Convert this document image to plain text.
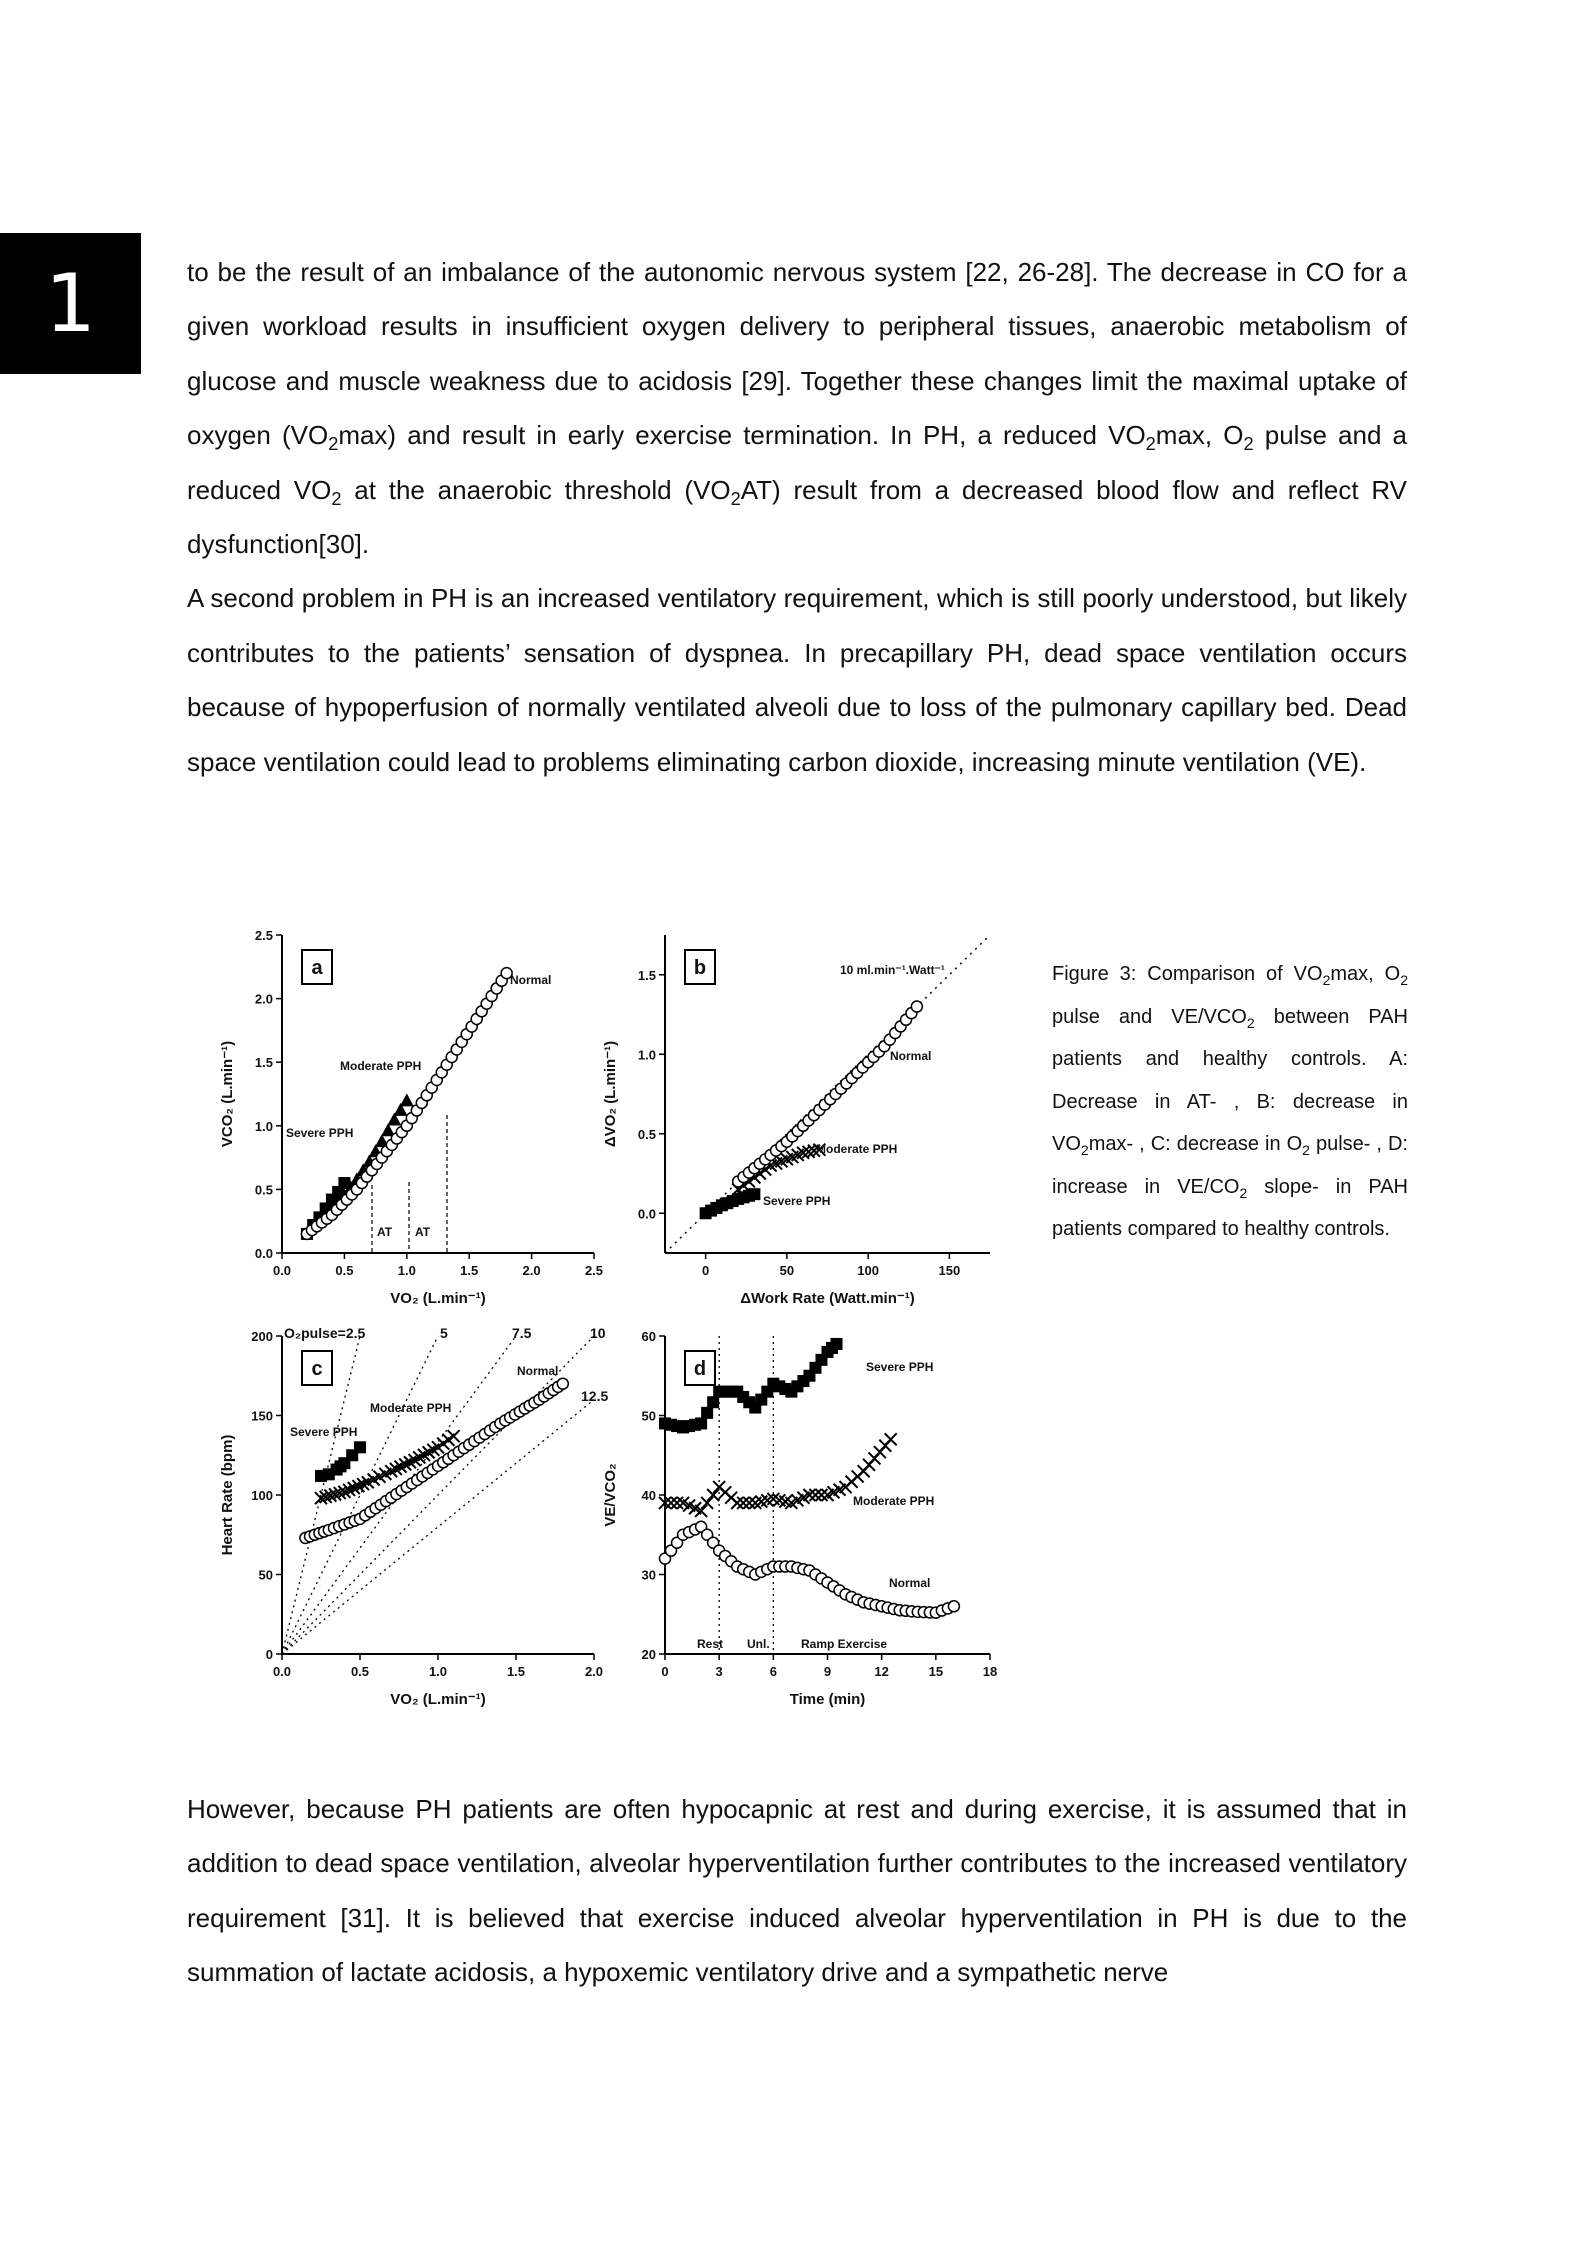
1	to be the result of an imbalance of the autonomic nervous system [22, 26-28]. The decrease in CO for a given workload results in insufficient oxygen delivery to peripheral tissues, anaerobic metabolism of glucose and muscle weakness due to acidosis [29]. Together these changes limit the maximal uptake of oxygen $(VO_2\max)$ and result in early exercise termination. In PH, a reduced $VO_2\max$, $O_2$ pulse and a reduced $VO_2$ at the anaerobic threshold $(VO_2AT)$ result from a decreased blood flow and reflect RV dysfunction[30].

A second problem in PH is an increased ventilatory requirement, which is still poorly understood, but likely contributes to the patients’ sensation of dyspnea. In precapillary PH, dead space ventilation occurs because of hypoperfusion of normally ventilated alveoli due to loss of the pulmonary capillary bed. Dead space ventilation could lead to problems eliminating carbon dioxide, increasing minute ventilation (VE).

However, because PH patients are often hypocapnic at rest and during exercise, it is assumed that in addition to dead space ventilation, alveolar hyperventilation further contributes to the increased ventilatory requirement [31]. It is believed that exercise induced alveolar hyperventilation in PH is due to the summation of lactate acidosis, a hypoxemic ventilatory drive and a sympathetic nerve

0.0	0.5	1.0	1.5	2.0	2.5
0.0
0.5
1.0
1.5
2.0
2.5
VO₂ (L.min⁻¹)
VCO₂ (L.min⁻¹)
a
0	50	100	150
0.0
0.5
1.0
1.5
ΔWork Rate (Watt.min⁻¹)
ΔVO₂ (L.min⁻¹)
b
0.0	0.5	1.0	1.5	2.0
0
50
100
150
200
VO₂ (L.min⁻¹)
Heart Rate (bpm)
c
0	3	6	9	12	15	18
20
30
40
50
60
Time (min)
VE/VCO₂
d
Normal
Moderate PPH
Severe PPH
AT AT
10 ml.min⁻¹.Watt⁻¹
Normal
Moderate PPH
Severe PPH
O₂pulse=2.5	5	7.5	10
12.5
Normal
Moderate PPH
Severe PPH
Severe PPH
Moderate PPH
Normal
Rest Unl.	Ramp Exercise
Figure 3: Comparison of $VO_2\max$, $O_2$ pulse and $VE/VCO_2$ between PAH patients and healthy controls. A: Decrease in AT- , B: decrease in $VO_2\max-$ , C: decrease in $O_2$ pulse- , D: increase in $VE/CO_2$ slope- in PAH patients compared to healthy controls.
